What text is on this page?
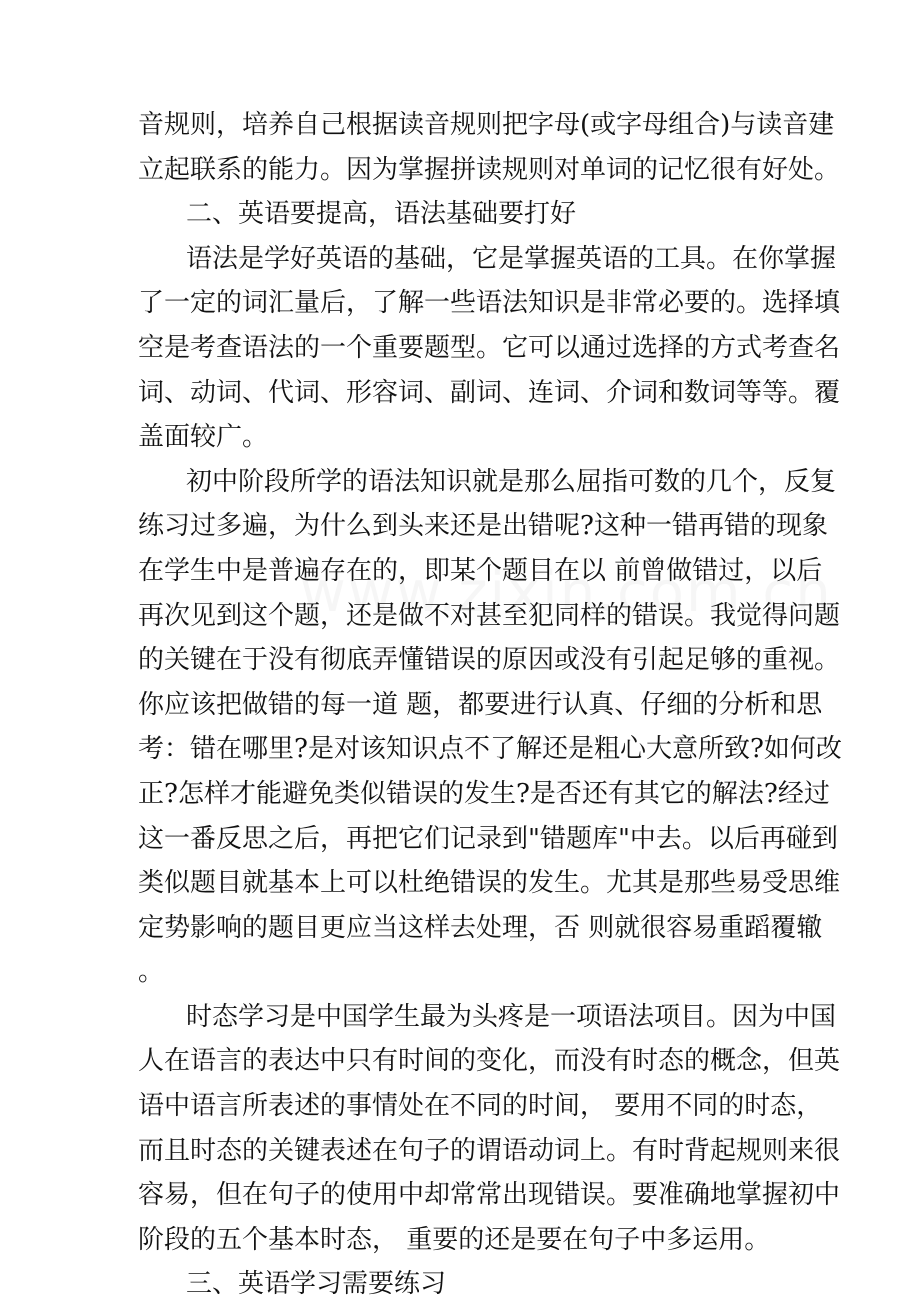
音规则，培养自己根据读音规则把字母(或字母组合)与读音建
立起联系的能力。因为掌握拼读规则对单词的记忆很有好处。
二、英语要提高，语法基础要打好
语法是学好英语的基础，它是掌握英语的工具。在你掌握
了一定的词汇量后，了解一些语法知识是非常必要的。选择填
空是考查语法的一个重要题型。它可以通过选择的方式考查名
词、动词、代词、形容词、副词、连词、介词和数词等等。覆
盖面较广。
初中阶段所学的语法知识就是那么屈指可数的几个，反复
练习过多遍，为什么到头来还是出错呢?这种一错再错的现象
在学生中是普遍存在的，即某个题目在以 前曾做错过，以后
再次见到这个题，还是做不对甚至犯同样的错误。我觉得问题
的关键在于没有彻底弄懂错误的原因或没有引起足够的重视。
你应该把做错的每一道 题，都要进行认真、仔细的分析和思
考：错在哪里?是对该知识点不了解还是粗心大意所致?如何改
正?怎样才能避免类似错误的发生?是否还有其它的解法?经过
这一番反思之后，再把它们记录到"错题库"中去。以后再碰到
类似题目就基本上可以杜绝错误的发生。尤其是那些易受思维
定势影响的题目更应当这样去处理，否 则就很容易重蹈覆辙
。
时态学习是中国学生最为头疼是一项语法项目。因为中国
人在语言的表达中只有时间的变化，而没有时态的概念，但英
语中语言所表述的事情处在不同的时间， 要用不同的时态，
而且时态的关键表述在句子的谓语动词上。有时背起规则来很
容易，但在句子的使用中却常常出现错误。要准确地掌握初中
阶段的五个基本时态， 重要的还是要在句子中多运用。
三、英语学习需要练习
